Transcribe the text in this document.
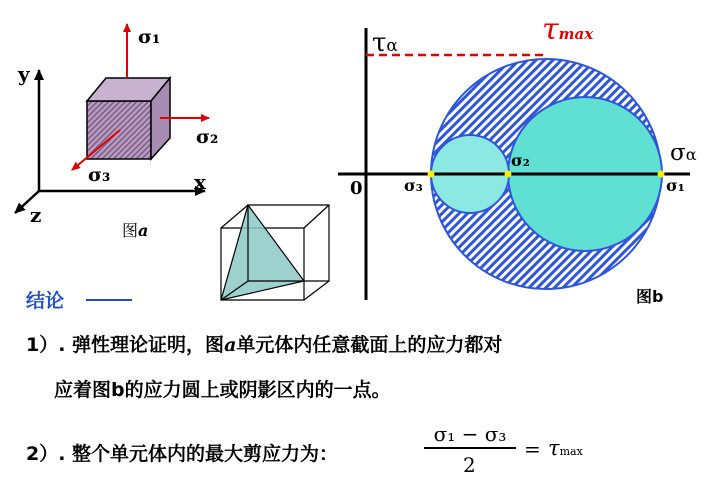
y
x
z
σ₁
σ₂
σ₃
图a
τα	τmax
σα
0	σ₃
σ₂
σ₁
图b
结论
1）. 弹性理论证明，图a单元体内任意截面上的应力都对
应着图b的应力圆上或阴影区内的一点。
2）. 整个单元体内的最大剪应力为：
σ₁ − σ₃
2
= τmax
